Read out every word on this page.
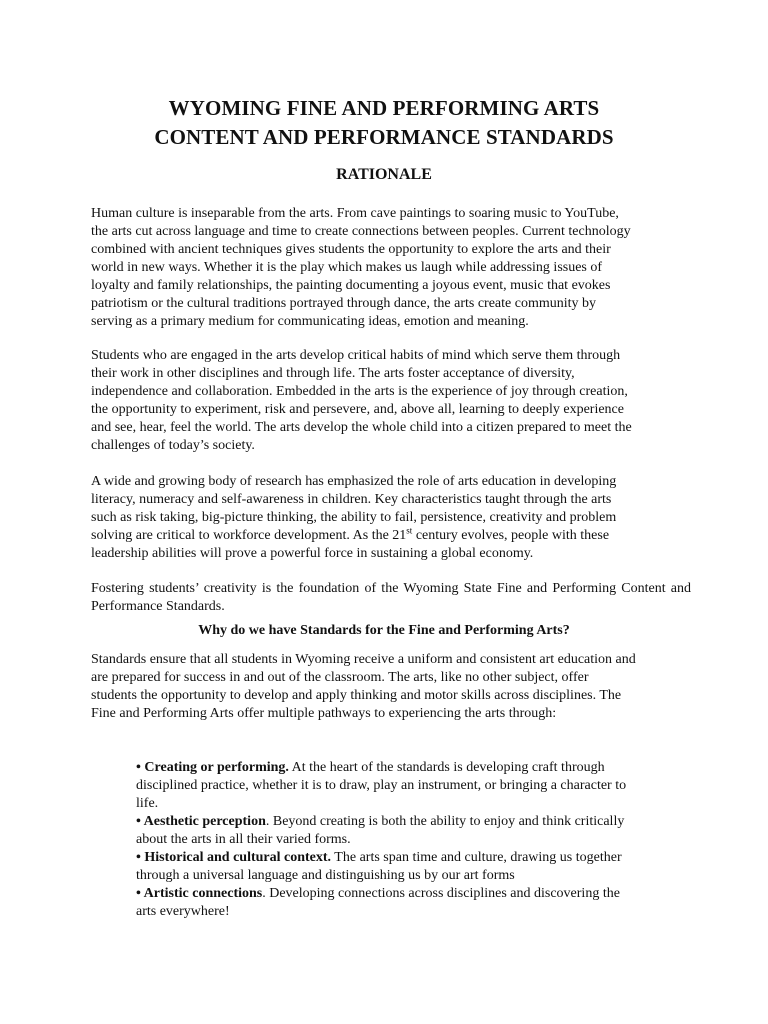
WYOMING FINE AND PERFORMING ARTS
CONTENT AND PERFORMANCE STANDARDS
RATIONALE

Human culture is inseparable from the arts. From cave paintings to soaring music to YouTube,
the arts cut across language and time to create connections between peoples. Current technology
combined with ancient techniques gives students the opportunity to explore the arts and their
world in new ways. Whether it is the play which makes us laugh while addressing issues of
loyalty and family relationships, the painting documenting a joyous event, music that evokes
patriotism or the cultural traditions portrayed through dance, the arts create community by
serving as a primary medium for communicating ideas, emotion and meaning.

Students who are engaged in the arts develop critical habits of mind which serve them through
their work in other disciplines and through life. The arts foster acceptance of diversity,
independence and collaboration. Embedded in the arts is the experience of joy through creation,
the opportunity to experiment, risk and persevere, and, above all, learning to deeply experience
and see, hear, feel the world. The arts develop the whole child into a citizen prepared to meet the
challenges of today’s society.

A wide and growing body of research has emphasized the role of arts education in developing
literacy, numeracy and self-awareness in children. Key characteristics taught through the arts
such as risk taking, big-picture thinking, the ability to fail, persistence, creativity and problem
solving are critical to workforce development. As the 21st century evolves, people with these
leadership abilities will prove a powerful force in sustaining a global economy.

Fostering students’ creativity is the foundation of the Wyoming State Fine and Performing Content and Performance Standards.

Why do we have Standards for the Fine and Performing Arts?

Standards ensure that all students in Wyoming receive a uniform and consistent art education and
are prepared for success in and out of the classroom. The arts, like no other subject, offer
students the opportunity to develop and apply thinking and motor skills across disciplines. The
Fine and Performing Arts offer multiple pathways to experiencing the arts through:

• Creating or performing. At the heart of the standards is developing craft through
disciplined practice, whether it is to draw, play an instrument, or bringing a character to
life.
• Aesthetic perception. Beyond creating is both the ability to enjoy and think critically
about the arts in all their varied forms.
• Historical and cultural context. The arts span time and culture, drawing us together
through a universal language and distinguishing us by our art forms
• Artistic connections. Developing connections across disciplines and discovering the
arts everywhere!
